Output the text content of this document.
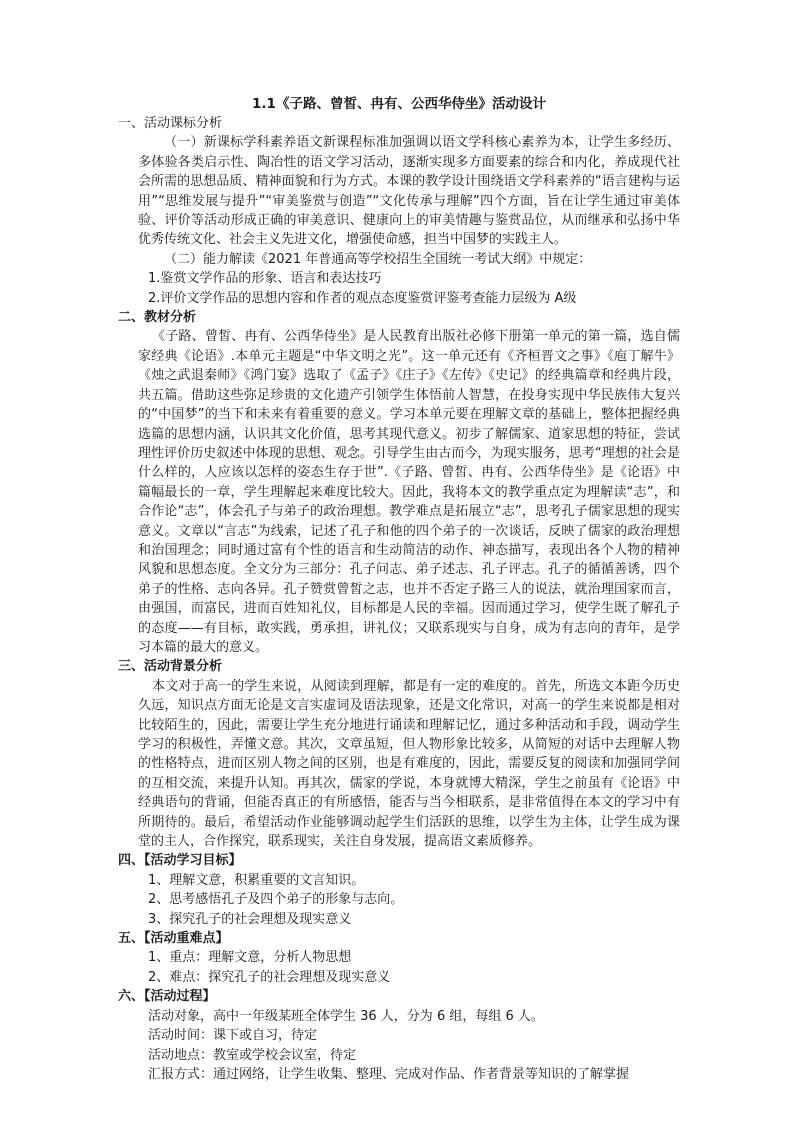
1.1《子路、曾皙、冉有、公西华侍坐》活动设计
一、活动课标分析
（一）新课标学科素养语文新课程标准加强调以语文学科核心素养为本，让学生多经历、多体验各类启示性、陶冶性的语文学习活动，逐渐实现多方面要素的综合和内化，养成现代社会所需的思想品质、精神面貌和行为方式。本课的教学设计围绕语文学科素养的“语言建构与运用”“思维发展与提升”“审美鉴赏与创造”“文化传承与理解”四个方面，旨在让学生通过审美体验、评价等活动形成正确的审美意识、健康向上的审美情趣与鉴赏品位，从而继承和弘扬中华优秀传统文化、社会主义先进文化，增强使命感，担当中国梦的实践主人。
（二）能力解读《2021 年普通高等学校招生全国统一考试大纲》中规定：
1.鉴赏文学作品的形象、语言和表达技巧
2.评价文学作品的思想内容和作者的观点态度鉴赏评鉴考查能力层级为 A级
二、教材分析
《子路、曾皙、冉有、公西华侍坐》是人民教育出版社必修下册第一单元的第一篇，选自儒家经典《论语》.本单元主题是“中华文明之光”。这一单元还有《齐桓晋文之事》《庖丁解牛》《烛之武退秦师》《鸿门宴》选取了《孟子》《庄子》《左传》《史记》的经典篇章和经典片段，共五篇。借助这些弥足珍贵的文化遗产引领学生体悟前人智慧，在投身实现中华民族伟大复兴的“中国梦”的当下和未来有着重要的意义。学习本单元要在理解文章的基础上，整体把握经典选篇的思想内涵，认识其文化价值，思考其现代意义。初步了解儒家、道家思想的特征，尝试理性评价历史叙述中体现的思想、观念。引导学生由古而今，为现实服务，思考“理想的社会是什么样的，人应该以怎样的姿态生存于世”.《子路、曾皙、冉有、公西华侍坐》是《论语》中篇幅最长的一章，学生理解起来难度比较大。因此，我将本文的教学重点定为理解读“志”，和合作论“志”，体会孔子与弟子的政治理想。教学难点是拓展立“志”，思考孔子儒家思想的现实意义。文章以“言志”为线索，记述了孔子和他的四个弟子的一次谈话，反映了儒家的政治理想和治国理念；同时通过富有个性的语言和生动简洁的动作、神态描写，表现出各个人物的精神风貌和思想态度。全文分为三部分：孔子问志、弟子述志、孔子评志。孔子的循循善诱，四个弟子的性格、志向各异。孔子赞赏曾皙之志，也并不否定子路三人的说法，就治理国家而言，由强国，而富民，进而百姓知礼仪，目标都是人民的幸福。因而通过学习，使学生既了解孔子的态度——有目标，敢实践，勇承担，讲礼仪；又联系现实与自身，成为有志向的青年，是学习本篇的最大的意义。
三、活动背景分析
本文对于高一的学生来说，从阅读到理解，都是有一定的难度的。首先，所选文本距今历史久远，知识点方面无论是文言实虚词及语法现象，还是文化常识，对高一的学生来说都是相对比较陌生的，因此，需要让学生充分地进行诵读和理解记忆，通过多种活动和手段，调动学生学习的积极性，弄懂文意。其次，文章虽短，但人物形象比较多，从简短的对话中去理解人物的性格特点，进而区别人物之间的区别，也是有难度的，因此，需要反复的阅读和加强同学间的互相交流，来提升认知。再其次，儒家的学说，本身就博大精深，学生之前虽有《论语》中经典语句的背诵，但能否真正的有所感悟，能否与当今相联系，是非常值得在本文的学习中有所期待的。最后，希望活动作业能够调动起学生们活跃的思维，以学生为主体，让学生成为课堂的主人，合作探究，联系现实，关注自身发展，提高语文素质修养。
四、【活动学习目标】
1、理解文意，积累重要的文言知识。
2、思考感悟孔子及四个弟子的形象与志向。
3、探究孔子的社会理想及现实意义
五、【活动重难点】
1、重点：理解文意，分析人物思想
2、难点：探究孔子的社会理想及现实意义
六、【活动过程】
活动对象，高中一年级某班全体学生 36 人，分为 6 组，每组 6 人。
活动时间：课下或自习，待定
活动地点：教室或学校会议室，待定
汇报方式：通过网络，让学生收集、整理、完成对作品、作者背景等知识的了解掌握
